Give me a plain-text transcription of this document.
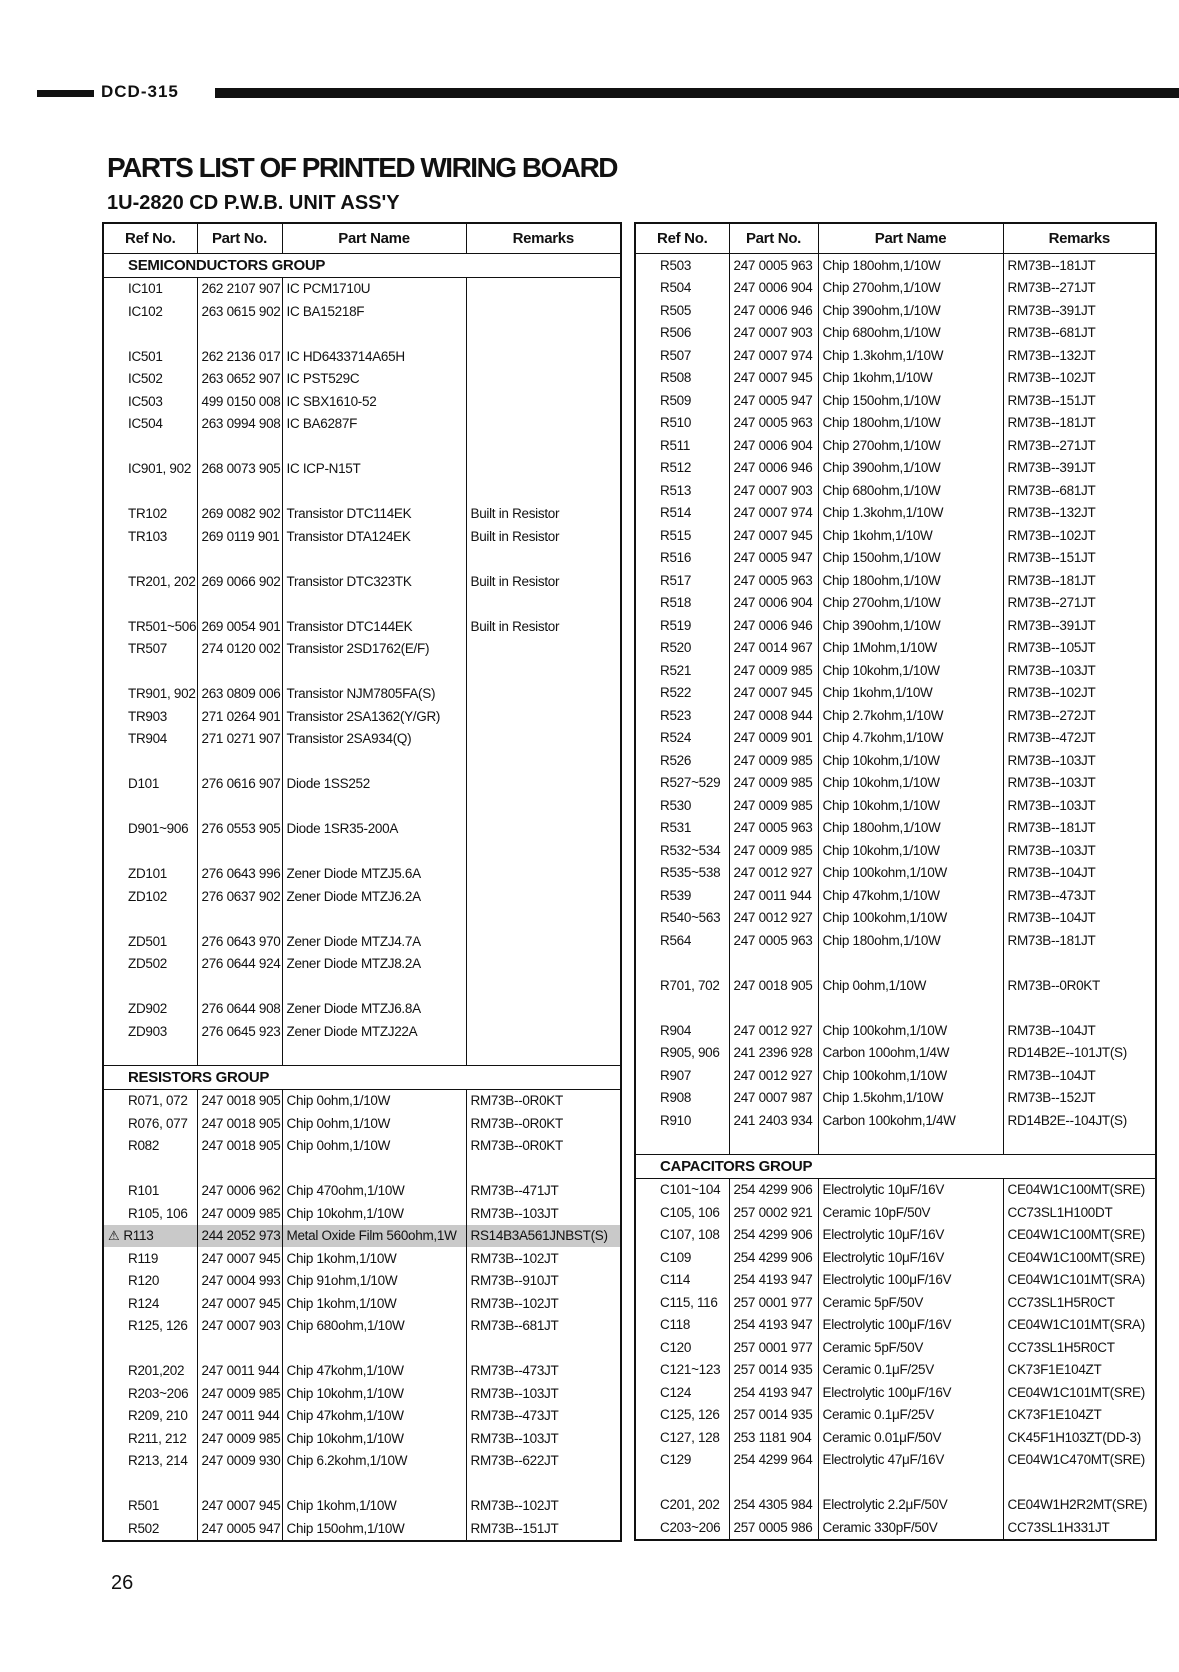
DCD-315
PARTS LIST OF PRINTED WIRING BOARD
1U-2820 CD P.W.B. UNIT ASS'Y
Ref No.	Part No.	Part Name	Remarks
SEMICONDUCTORS GROUP			
IC101	262 2107 907	IC PCM1710U	
IC102	263 0615 902	IC BA15218F	

IC501	262 2136 017	IC HD6433714A65H	
IC502	263 0652 907	IC PST529C	
IC503	499 0150 008	IC SBX1610-52	
IC504	263 0994 908	IC BA6287F	

IC901, 902	268 0073 905	IC ICP-N15T	

TR102	269 0082 902	Transistor DTC114EK	Built in Resistor
TR103	269 0119 901	Transistor DTA124EK	Built in Resistor

TR201, 202	269 0066 902	Transistor DTC323TK	Built in Resistor

TR501~506	269 0054 901	Transistor DTC144EK	Built in Resistor
TR507	274 0120 002	Transistor 2SD1762(E/F)	

TR901, 902	263 0809 006	Transistor NJM7805FA(S)	
TR903	271 0264 901	Transistor 2SA1362(Y/GR)	
TR904	271 0271 907	Transistor 2SA934(Q)	

D101	276 0616 907	Diode 1SS252	

D901~906	276 0553 905	Diode 1SR35-200A	

ZD101	276 0643 996	Zener Diode MTZJ5.6A	
ZD102	276 0637 902	Zener Diode MTZJ6.2A	

ZD501	276 0643 970	Zener Diode MTZJ4.7A	
ZD502	276 0644 924	Zener Diode MTZJ8.2A	

ZD902	276 0644 908	Zener Diode MTZJ6.8A	
ZD903	276 0645 923	Zener Diode MTZJ22A	

RESISTORS GROUP			
R071, 072	247 0018 905	Chip 0ohm,1/10W	RM73B--0R0KT
R076, 077	247 0018 905	Chip 0ohm,1/10W	RM73B--0R0KT
R082	247 0018 905	Chip 0ohm,1/10W	RM73B--0R0KT

R101	247 0006 962	Chip 470ohm,1/10W	RM73B--471JT
R105, 106	247 0009 985	Chip 10kohm,1/10W	RM73B--103JT
⚠ R113	244 2052 973	Metal Oxide Film 560ohm,1W	RS14B3A561JNBST(S)
R119	247 0007 945	Chip 1kohm,1/10W	RM73B--102JT
R120	247 0004 993	Chip 91ohm,1/10W	RM73B--910JT
R124	247 0007 945	Chip 1kohm,1/10W	RM73B--102JT
R125, 126	247 0007 903	Chip 680ohm,1/10W	RM73B--681JT

R201,202	247 0011 944	Chip 47kohm,1/10W	RM73B--473JT
R203~206	247 0009 985	Chip 10kohm,1/10W	RM73B--103JT
R209, 210	247 0011 944	Chip 47kohm,1/10W	RM73B--473JT
R211, 212	247 0009 985	Chip 10kohm,1/10W	RM73B--103JT
R213, 214	247 0009 930	Chip 6.2kohm,1/10W	RM73B--622JT

R501	247 0007 945	Chip 1kohm,1/10W	RM73B--102JT
R502	247 0005 947	Chip 150ohm,1/10W	RM73B--151JT
Ref No.	Part No.	Part Name	Remarks
R503	247 0005 963	Chip 180ohm,1/10W	RM73B--181JT
R504	247 0006 904	Chip 270ohm,1/10W	RM73B--271JT
R505	247 0006 946	Chip 390ohm,1/10W	RM73B--391JT
R506	247 0007 903	Chip 680ohm,1/10W	RM73B--681JT
R507	247 0007 974	Chip 1.3kohm,1/10W	RM73B--132JT
R508	247 0007 945	Chip 1kohm,1/10W	RM73B--102JT
R509	247 0005 947	Chip 150ohm,1/10W	RM73B--151JT
R510	247 0005 963	Chip 180ohm,1/10W	RM73B--181JT
R511	247 0006 904	Chip 270ohm,1/10W	RM73B--271JT
R512	247 0006 946	Chip 390ohm,1/10W	RM73B--391JT
R513	247 0007 903	Chip 680ohm,1/10W	RM73B--681JT
R514	247 0007 974	Chip 1.3kohm,1/10W	RM73B--132JT
R515	247 0007 945	Chip 1kohm,1/10W	RM73B--102JT
R516	247 0005 947	Chip 150ohm,1/10W	RM73B--151JT
R517	247 0005 963	Chip 180ohm,1/10W	RM73B--181JT
R518	247 0006 904	Chip 270ohm,1/10W	RM73B--271JT
R519	247 0006 946	Chip 390ohm,1/10W	RM73B--391JT
R520	247 0014 967	Chip 1Mohm,1/10W	RM73B--105JT
R521	247 0009 985	Chip 10kohm,1/10W	RM73B--103JT
R522	247 0007 945	Chip 1kohm,1/10W	RM73B--102JT
R523	247 0008 944	Chip 2.7kohm,1/10W	RM73B--272JT
R524	247 0009 901	Chip 4.7kohm,1/10W	RM73B--472JT
R526	247 0009 985	Chip 10kohm,1/10W	RM73B--103JT
R527~529	247 0009 985	Chip 10kohm,1/10W	RM73B--103JT
R530	247 0009 985	Chip 10kohm,1/10W	RM73B--103JT
R531	247 0005 963	Chip 180ohm,1/10W	RM73B--181JT
R532~534	247 0009 985	Chip 10kohm,1/10W	RM73B--103JT
R535~538	247 0012 927	Chip 100kohm,1/10W	RM73B--104JT
R539	247 0011 944	Chip 47kohm,1/10W	RM73B--473JT
R540~563	247 0012 927	Chip 100kohm,1/10W	RM73B--104JT
R564	247 0005 963	Chip 180ohm,1/10W	RM73B--181JT

R701, 702	247 0018 905	Chip 0ohm,1/10W	RM73B--0R0KT

R904	247 0012 927	Chip 100kohm,1/10W	RM73B--104JT
R905, 906	241 2396 928	Carbon 100ohm,1/4W	RD14B2E--101JT(S)
R907	247 0012 927	Chip 100kohm,1/10W	RM73B--104JT
R908	247 0007 987	Chip 1.5kohm,1/10W	RM73B--152JT
R910	241 2403 934	Carbon 100kohm,1/4W	RD14B2E--104JT(S)

CAPACITORS GROUP			
C101~104	254 4299 906	Electrolytic 10μF/16V	CE04W1C100MT(SRE)
C105, 106	257 0002 921	Ceramic 10pF/50V	CC73SL1H100DT
C107, 108	254 4299 906	Electrolytic 10μF/16V	CE04W1C100MT(SRE)
C109	254 4299 906	Electrolytic 10μF/16V	CE04W1C100MT(SRE)
C114	254 4193 947	Electrolytic 100μF/16V	CE04W1C101MT(SRA)
C115, 116	257 0001 977	Ceramic 5pF/50V	CC73SL1H5R0CT
C118	254 4193 947	Electrolytic 100μF/16V	CE04W1C101MT(SRA)
C120	257 0001 977	Ceramic 5pF/50V	CC73SL1H5R0CT
C121~123	257 0014 935	Ceramic 0.1μF/25V	CK73F1E104ZT
C124	254 4193 947	Electrolytic 100μF/16V	CE04W1C101MT(SRE)
C125, 126	257 0014 935	Ceramic 0.1μF/25V	CK73F1E104ZT
C127, 128	253 1181 904	Ceramic 0.01μF/50V	CK45F1H103ZT(DD-3)
C129	254 4299 964	Electrolytic 47μF/16V	CE04W1C470MT(SRE)

C201, 202	254 4305 984	Electrolytic 2.2μF/50V	CE04W1H2R2MT(SRE)
C203~206	257 0005 986	Ceramic 330pF/50V	CC73SL1H331JT
26
